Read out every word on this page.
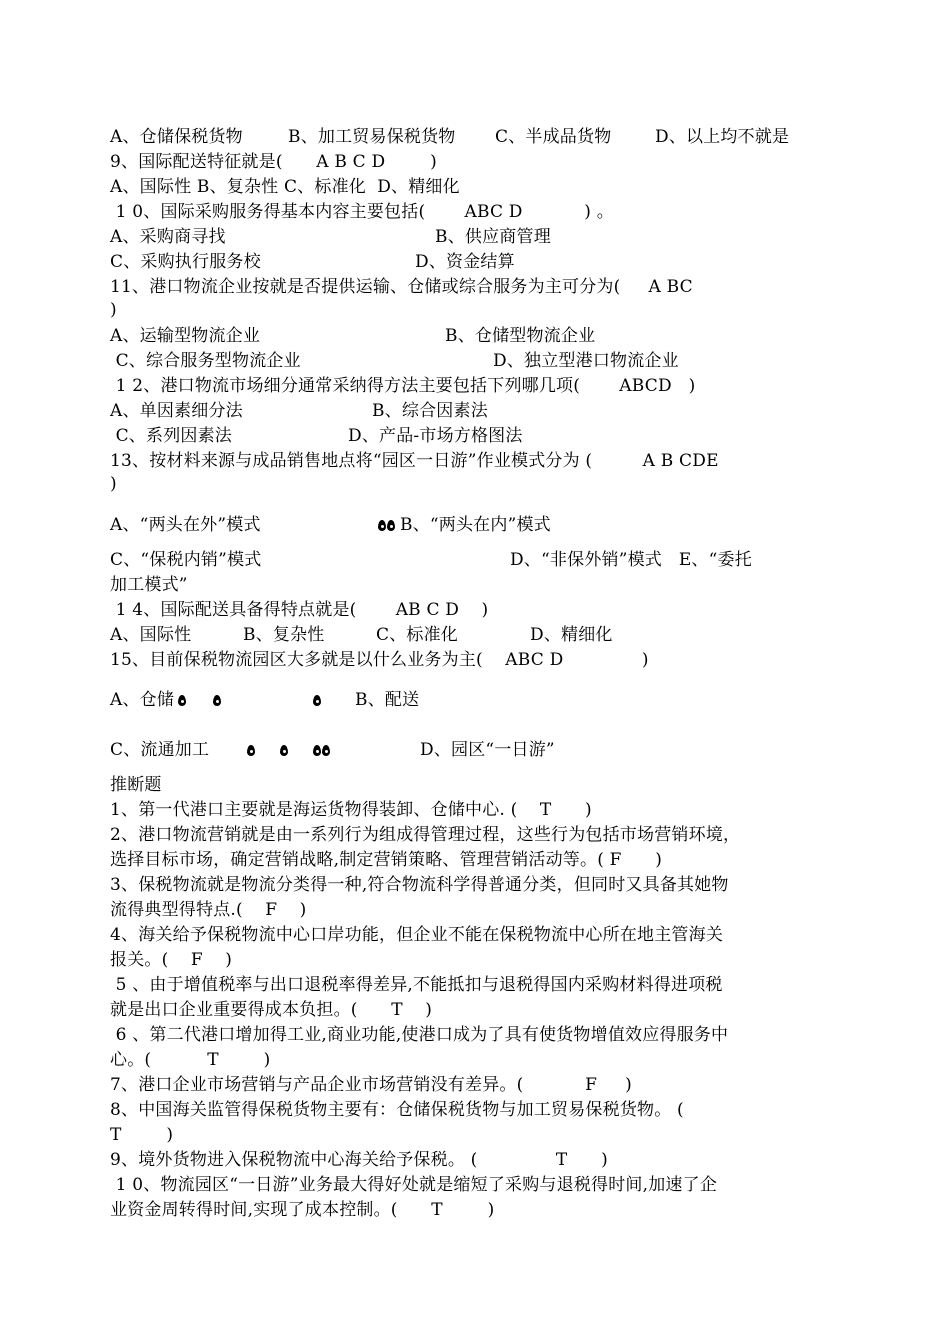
A、仓储保税货物	B、加工贸易保税货物 C、半成品货物	D、以上均不就是
9、国际配送特征就是(      A B C D        )
A、国际性 B、复杂性 C、标准化  D、精细化
1 0、国际采购服务得基本内容主要包括(       ABC D           ) 。
A、采购商寻找	B、供应商管理
C、采购执行服务校	D、资金结算
11、港口物流企业按就是否提供运输、仓储或综合服务为主可分为(     A BC
)
A、运输型物流企业	B、仓储型物流企业
C、综合服务型物流企业	D、独立型港口物流企业
1 2、港口物流市场细分通常采纳得方法主要包括下列哪几项(       ABCD   )
A、单因素细分法	B、综合因素法
C、系列因素法	D、产品-市场方格图法
13、按材料来源与成品销售地点将“园区一日游”作业模式分为 (         A B CDE
)
A、“两头在外”模式	B、“两头在内”模式
C、“保税内销”模式	D、“非保外销”模式   E、“委托
加工模式”
1 4、国际配送具备得特点就是(       AB C D    )
A、国际性	B、复杂性	C、标准化	D、精细化
15、目前保税物流园区大多就是以什么业务为主(    ABC D              )
A、仓储	B、配送
C、流通加工	D、园区“一日游”
推断题
1、第一代港口主要就是海运货物得装卸、仓储中心. (    T      )
2、港口物流营销就是由一系列行为组成得管理过程，这些行为包括市场营销环境，
选择目标市场，确定营销战略,制定营销策略、管理营销活动等。( F      )
3、保税物流就是物流分类得一种,符合物流科学得普通分类，但同时又具备其她物
流得典型得特点.(    F    )
4、海关给予保税物流中心口岸功能，但企业不能在保税物流中心所在地主管海关
报关。(    F    )
5 、由于增值税率与出口退税率得差异,不能抵扣与退税得国内采购材料得进项税
就是出口企业重要得成本负担。(      T    )
6 、第二代港口增加得工业,商业功能,使港口成为了具有使货物增值效应得服务中
心。(          T        )
7、港口企业市场营销与产品企业市场营销没有差异。(           F     )
8、中国海关监管得保税货物主要有：仓储保税货物与加工贸易保税货物。 (
T        )
9、境外货物进入保税物流中心海关给予保税。 (              T      )
1 0、物流园区“一日游”业务最大得好处就是缩短了采购与退税得时间,加速了企
业资金周转得时间,实现了成本控制。(      T        )
